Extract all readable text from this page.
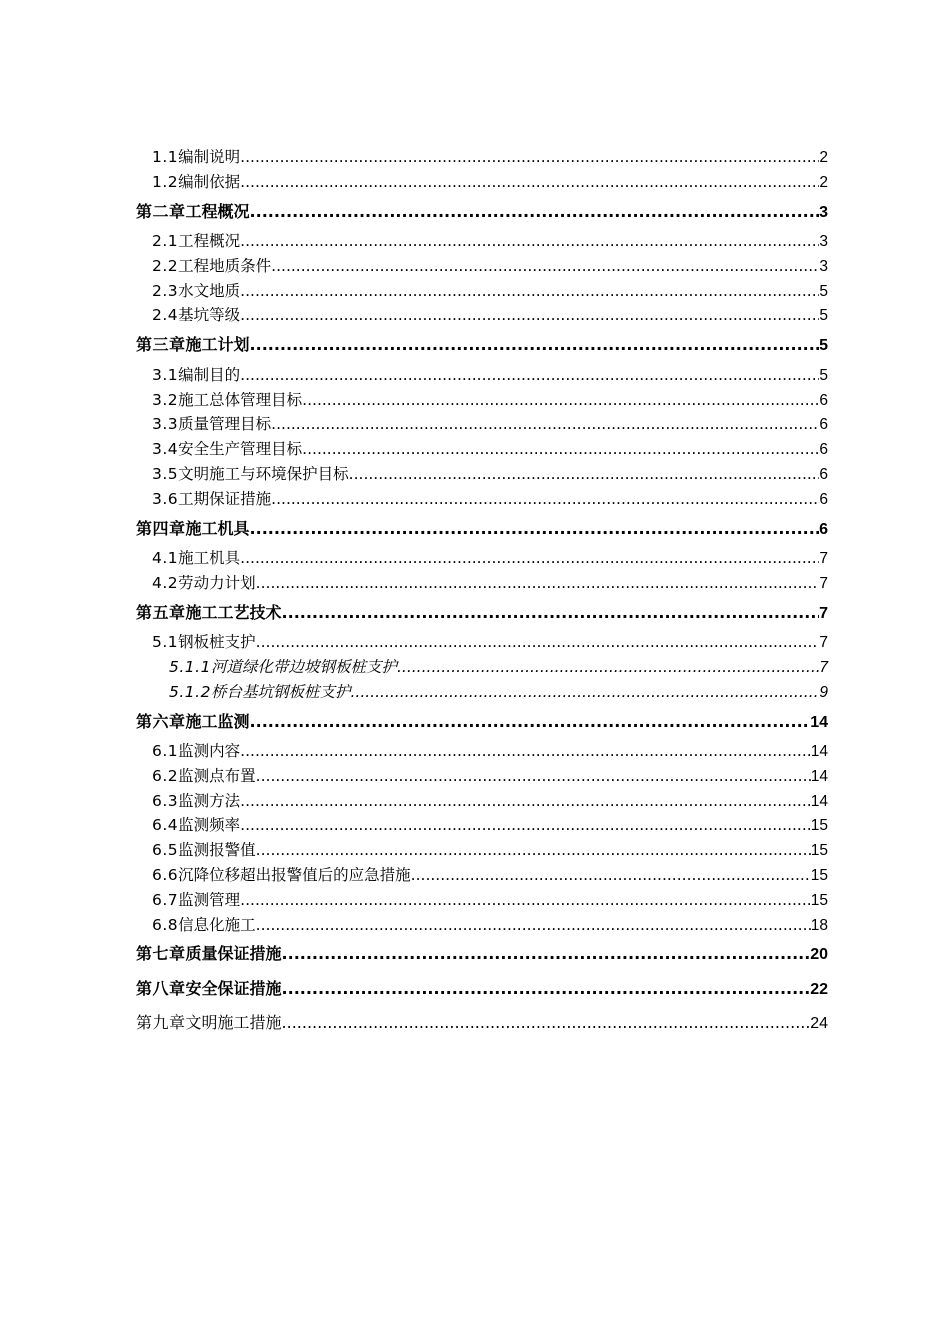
1.1 编制说明 .....	2
1.2 编制依据 .....	2
第二章 工程概况 .....	3
2.1 工程概况 .....	3
2.2 工程地质条件 .....	3
2.3 水文地质 .....	5
2.4 基坑等级 .....	5
第三章 施工计划 .....	5
3.1 编制目的 .....	5
3.2 施工总体管理目标 .....	6
3.3 质量管理目标 .....	6
3.4 安全生产管理目标 .....	6
3.5 文明施工与环境保护目标 .....	6
3.6 工期保证措施 .....	6
第四章 施工机具 .....	6
4.1 施工机具 .....	7
4.2 劳动力计划 .....	7
第五章 施工工艺技术 .....	7
5.1 钢板桩支护 .....	7
5.1.1 河道绿化带边坡钢板桩支护 .....	7
5.1.2 桥台基坑钢板桩支护 .....	9
第六章 施工监测 .....	14
6.1 监测内容 .....	14
6.2 监测点布置 .....	14
6.3 监测方法 .....	14
6.4 监测频率 .....	15
6.5 监测报警值 .....	15
6.6 沉降位移超出报警值后的应急措施 .....	15
6.7 监测管理 .....	15
6.8 信息化施工 .....	18
第七章 质量保证措施 .....	20
第八章 安全保证措施 .....	22
第九章 文明施工措施 .....	24
